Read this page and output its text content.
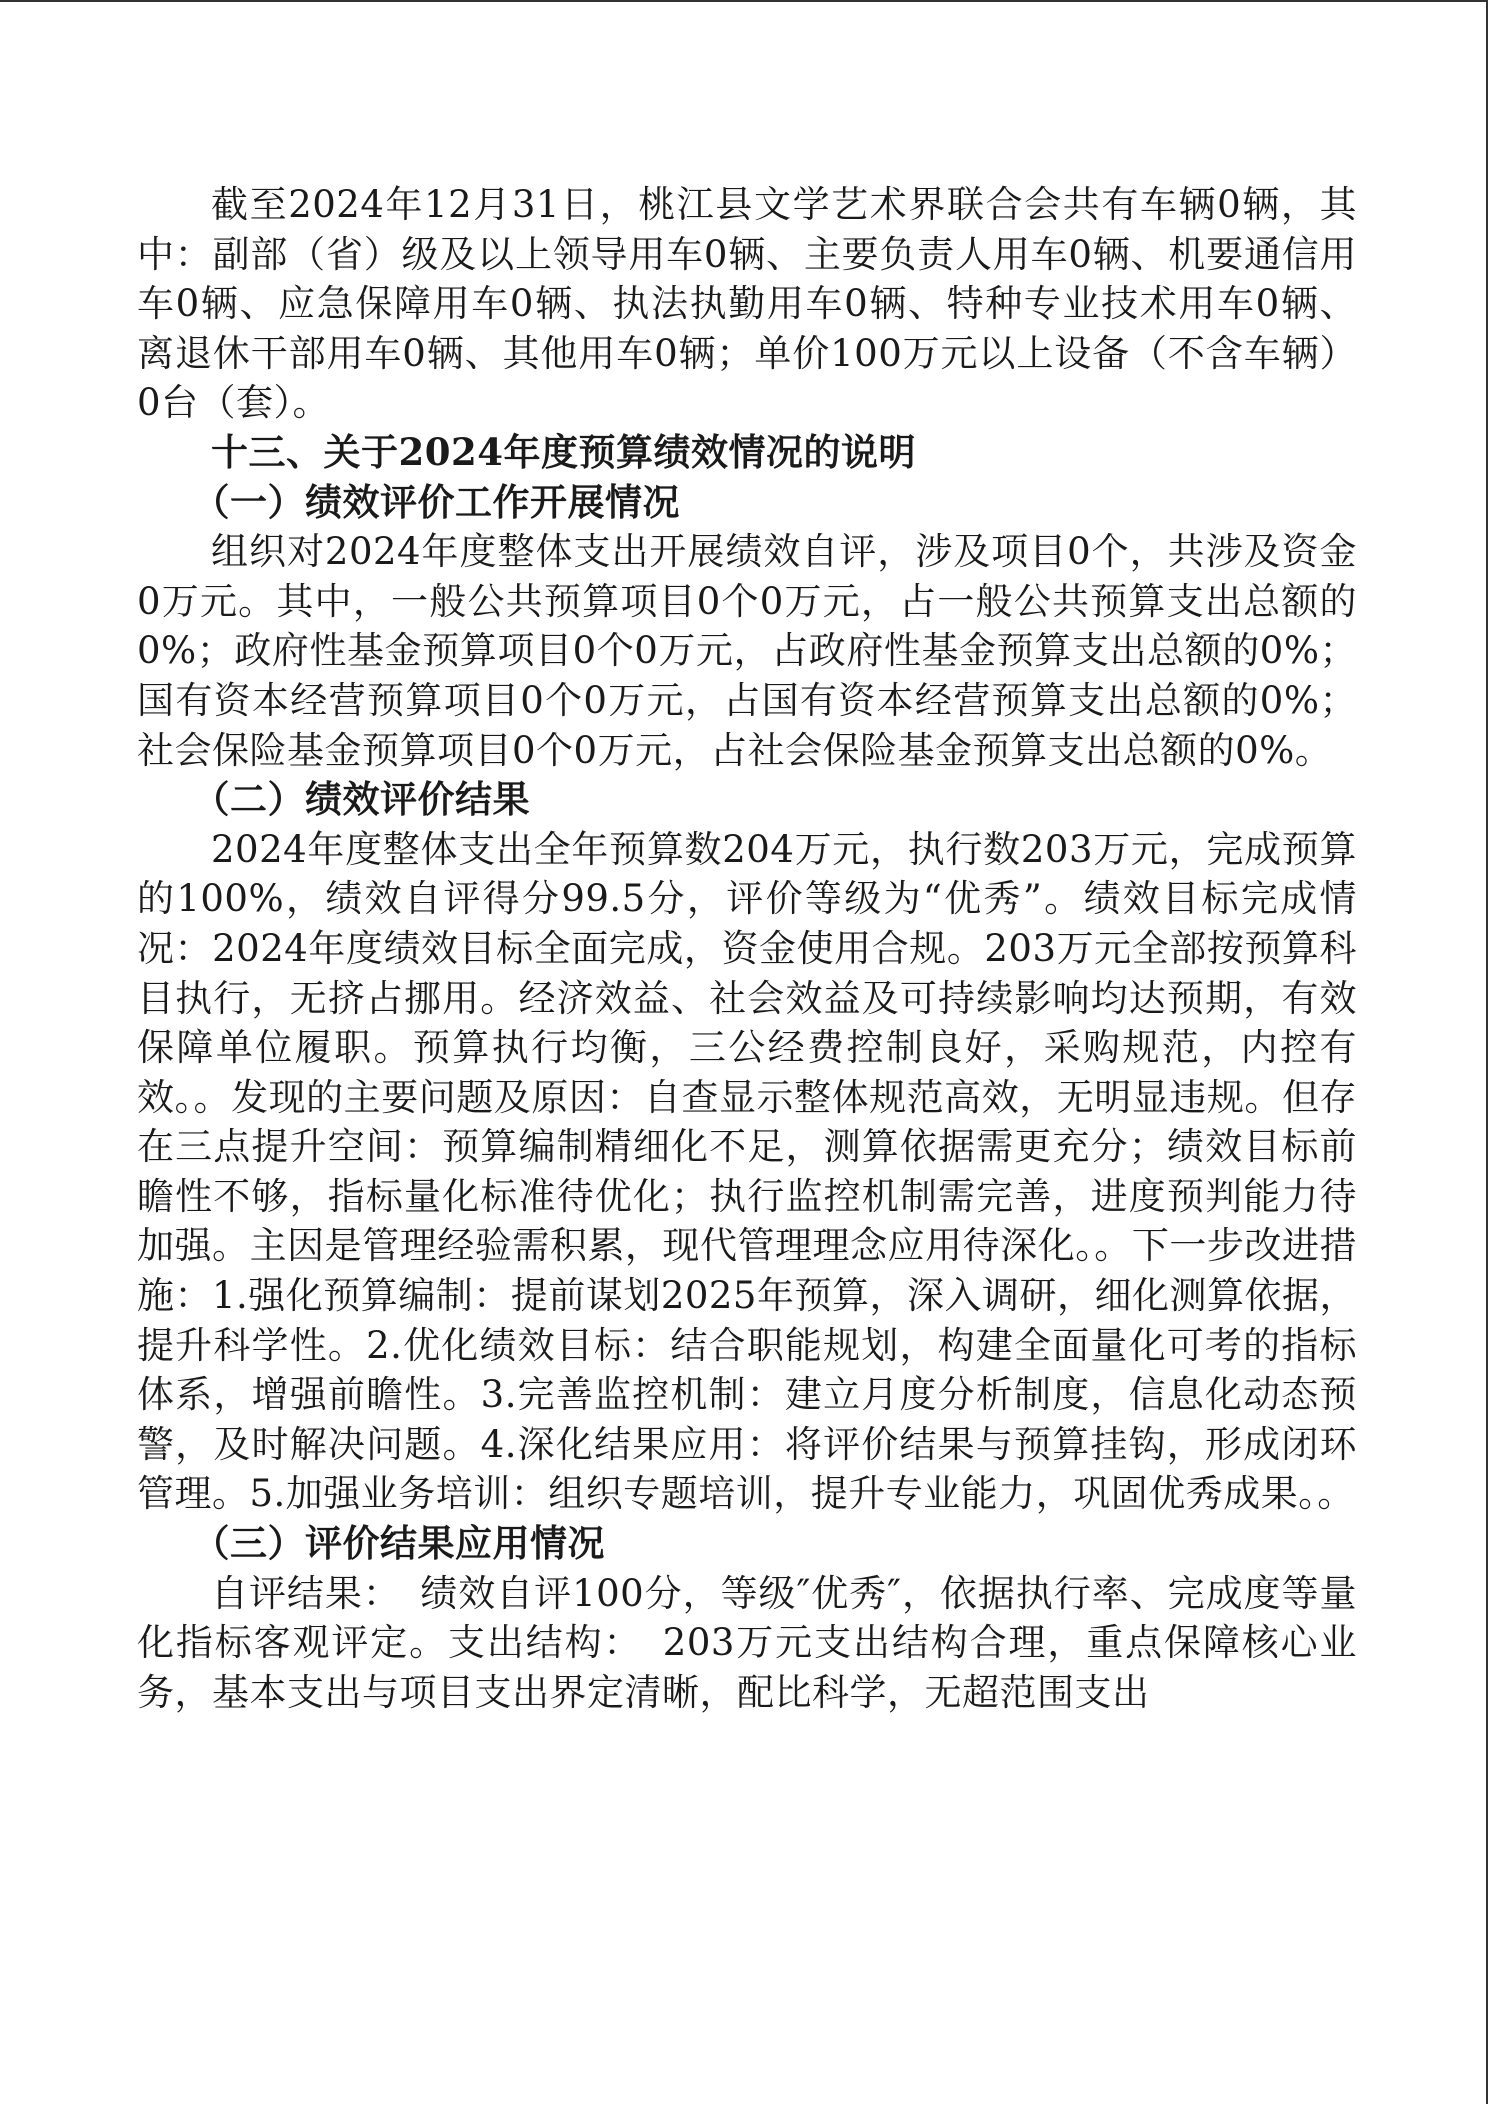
截至2024年12月31日，桃江县文学艺术界联合会共有车辆0辆，其中：副部（省）级及以上领导用车0辆、主要负责人用车0辆、机要通信用车0辆、应急保障用车0辆、执法执勤用车0辆、特种专业技术用车0辆、离退休干部用车0辆、其他用车0辆；单价100万元以上设备（不含车辆）0台（套）。

十三、关于2024年度预算绩效情况的说明

（一）绩效评价工作开展情况

组织对2024年度整体支出开展绩效自评，涉及项目0个，共涉及资金0万元。其中，一般公共预算项目0个0万元，占一般公共预算支出总额的0%；政府性基金预算项目0个0万元，占政府性基金预算支出总额的0%；国有资本经营预算项目0个0万元，占国有资本经营预算支出总额的0%；社会保险基金预算项目0个0万元，占社会保险基金预算支出总额的0%。

（二）绩效评价结果

2024年度整体支出全年预算数204万元，执行数203万元，完成预算的100%，绩效自评得分99.5分，评价等级为“优秀”。绩效目标完成情况：2024年度绩效目标全面完成，资金使用合规。203万元全部按预算科目执行，无挤占挪用。经济效益、社会效益及可持续影响均达预期，有效保障单位履职。预算执行均衡，三公经费控制良好，采购规范，内控有效。。发现的主要问题及原因：自查显示整体规范高效，无明显违规。但存在三点提升空间：预算编制精细化不足，测算依据需更充分；绩效目标前瞻性不够，指标量化标准待优化；执行监控机制需完善，进度预判能力待加强。主因是管理经验需积累，现代管理理念应用待深化。。下一步改进措施：1.强化预算编制：提前谋划2025年预算，深入调研，细化测算依据，提升科学性。2.优化绩效目标：结合职能规划，构建全面量化可考的指标体系，增强前瞻性。3.完善监控机制：建立月度分析制度，信息化动态预警，及时解决问题。4.深化结果应用：将评价结果与预算挂钩，形成闭环管理。5.加强业务培训：组织专题培训，提升专业能力，巩固优秀成果。。

（三）评价结果应用情况

自评结果：　绩效自评100分，等级″优秀″，依据执行率、完成度等量化指标客观评定。支出结构：　203万元支出结构合理，重点保障核心业务，基本支出与项目支出界定清晰，配比科学，无超范围支出
